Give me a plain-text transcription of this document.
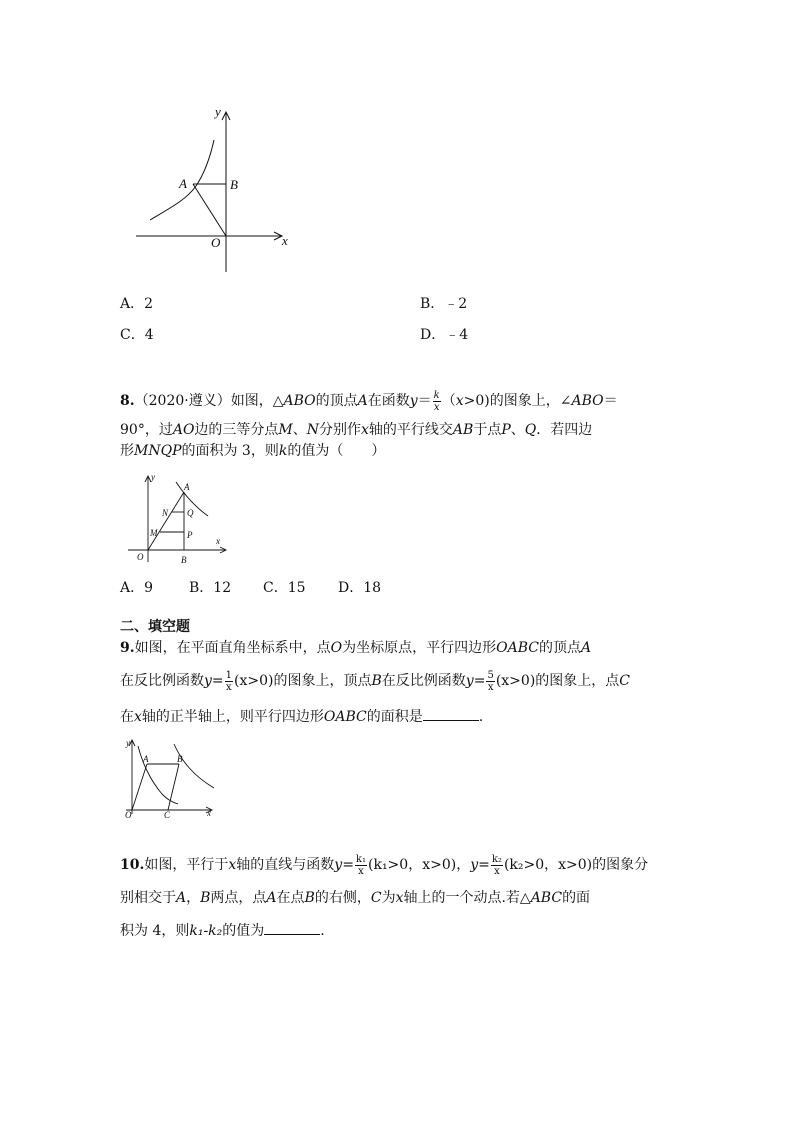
y
x
A	B
O
A．2	B．﹣2
C．4	D．﹣4
8.（2020·遵义）如图，△ABO的顶点A在函数$y= \frac{k}{x} (x>0)$的图象上，∠ABO＝
90°，过AO边的三等分点M、N分别作x轴的平行线交AB于点P、Q．若四边
形MNQP的面积为 3，则k的值为（　　）
y
x
A
N Q
M	P
O	B
A．9	B．12 C．15 D．18
二、填空题
9.如图，在平面直角坐标系中，点O为坐标原点，平行四边形OABC的顶点A
在反比例函数$y= \frac{1}{x} (x>0)$的图象上，顶点B在反比例函数$y= \frac{5}{x} (x>0)$的图象上，点C
在x轴的正半轴上，则平行四边形OABC的面积是	.
y
x
A	B
O	C
10.如图，平行于x轴的直线与函数$y= \frac{\text{k₁}}{x} (k_1>0$，x>0)，$y= \frac{\text{k₂}}{x} (k_2>0$，x>0)的图象分
别相交于A，B两点，点A在点B的右侧，C为x轴上的一个动点.若△ABC的面
积为 4，则k₁-k₂的值为	.
